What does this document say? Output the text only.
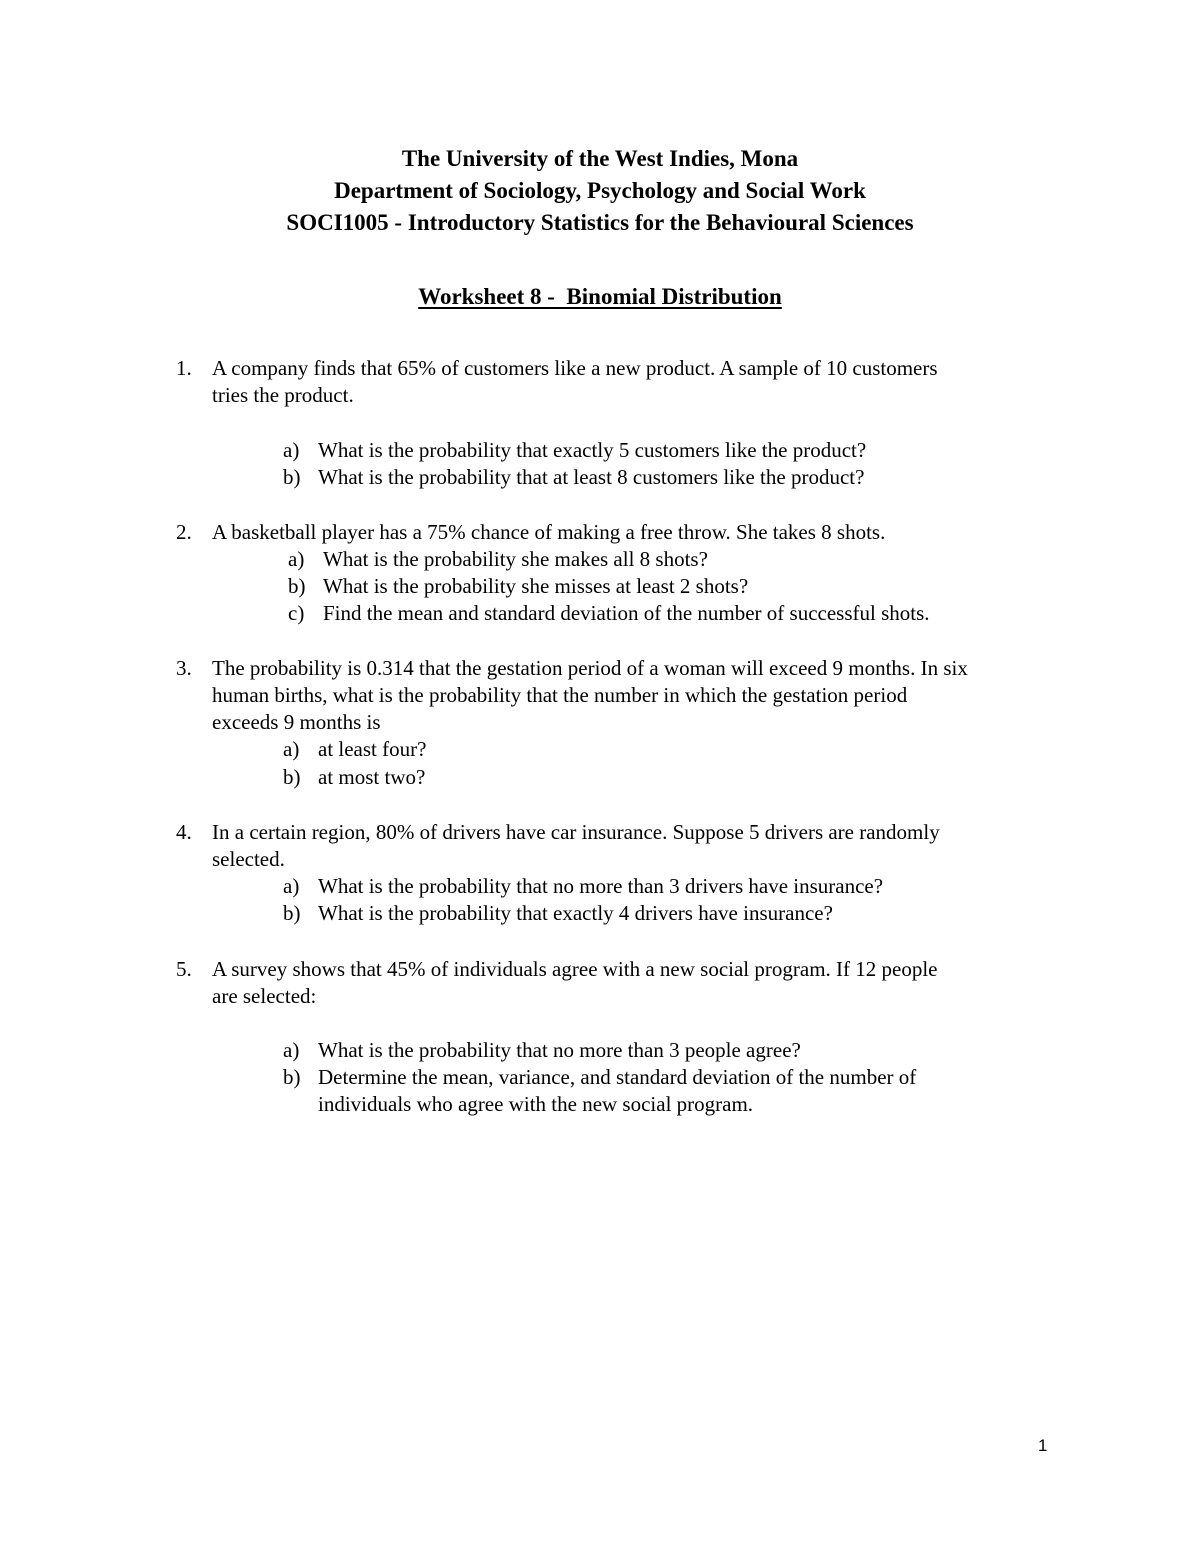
The University of the West Indies, Mona
Department of Sociology, Psychology and Social Work
SOCI1005 - Introductory Statistics for the Behavioural Sciences
Worksheet 8 -  Binomial Distribution
1. A company finds that 65% of customers like a new product. A sample of 10 customers
tries the product.
a) What is the probability that exactly 5 customers like the product?
b) What is the probability that at least 8 customers like the product?
2. A basketball player has a 75% chance of making a free throw. She takes 8 shots.
a) What is the probability she makes all 8 shots?
b) What is the probability she misses at least 2 shots?
c) Find the mean and standard deviation of the number of successful shots.
3. The probability is 0.314 that the gestation period of a woman will exceed 9 months. In six
human births, what is the probability that the number in which the gestation period
exceeds 9 months is
a) at least four?
b) at most two?
4. In a certain region, 80% of drivers have car insurance. Suppose 5 drivers are randomly
selected.
a) What is the probability that no more than 3 drivers have insurance?
b) What is the probability that exactly 4 drivers have insurance?
5. A survey shows that 45% of individuals agree with a new social program. If 12 people
are selected:
a) What is the probability that no more than 3 people agree?
b) Determine the mean, variance, and standard deviation of the number of
individuals who agree with the new social program.
1
